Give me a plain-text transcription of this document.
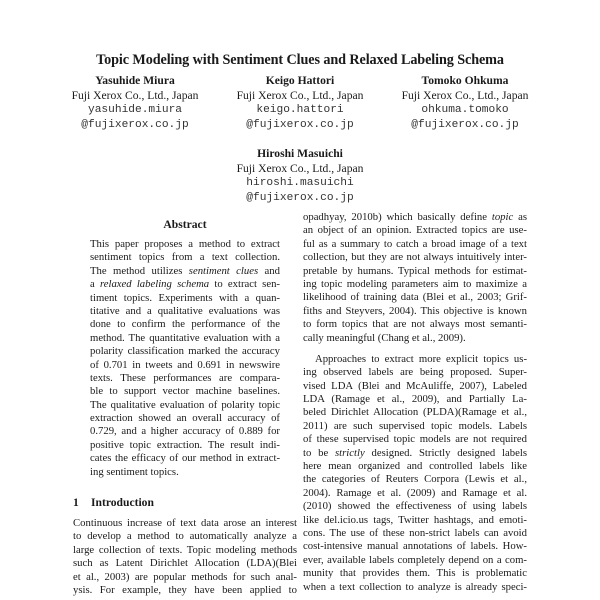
Topic Modeling with Sentiment Clues and Relaxed Labeling Schema
Yasuhide Miura
Fuji Xerox Co., Ltd., Japan
yasuhide.miura
@fujixerox.co.jp
Keigo Hattori
Fuji Xerox Co., Ltd., Japan
keigo.hattori
@fujixerox.co.jp
Tomoko Ohkuma
Fuji Xerox Co., Ltd., Japan
ohkuma.tomoko
@fujixerox.co.jp
Hiroshi Masuichi
Fuji Xerox Co., Ltd., Japan
hiroshi.masuichi
@fujixerox.co.jp
Abstract
This paper proposes a method to extract
sentiment topics from a text collection.
The method utilizes sentiment clues and
a relaxed labeling schema to extract sen-
timent topics. Experiments with a quan-
titative and a qualitative evaluations was
done to confirm the performance of the
method. The quantitative evaluation with a
polarity classification marked the accuracy
of 0.701 in tweets and 0.691 in newswire
texts. These performances are compara-
ble to support vector machine baselines.
The qualitative evaluation of polarity topic
extraction showed an overall accuracy of
0.729, and a higher accuracy of 0.889 for
positive topic extraction. The result indi-
cates the efficacy of our method in extract-
ing sentiment topics.
1 Introduction
Continuous increase of text data arose an interest
to develop a method to automatically analyze a
large collection of texts. Topic modeling methods
such as Latent Dirichlet Allocation (LDA)(Blei
et al., 2003) are popular methods for such anal-
ysis. For example, they have been applied to
opadhyay, 2010b) which basically define topic as
an object of an opinion. Extracted topics are use-
ful as a summary to catch a broad image of a text
collection, but they are not always intuitively inter-
pretable by humans. Typical methods for estimat-
ing topic modeling parameters aim to maximize a
likelihood of training data (Blei et al., 2003; Grif-
fiths and Steyvers, 2004). This objective is known
to form topics that are not always most semanti-
cally meaningful (Chang et al., 2009).
Approaches to extract more explicit topics us-
ing observed labels are being proposed. Super-
vised LDA (Blei and McAuliffe, 2007), Labeled
LDA (Ramage et al., 2009), and Partially La-
beled Dirichlet Allocation (PLDA)(Ramage et al.,
2011) are such supervised topic models. Labels
of these supervised topic models are not required
to be strictly designed. Strictly designed labels
here mean organized and controlled labels like
the categories of Reuters Corpora (Lewis et al.,
2004). Ramage et al. (2009) and Ramage et al.
(2010) showed the effectiveness of using labels
like del.icio.us tags, Twitter hashtags, and emoti-
cons. The use of these non-strict labels can avoid
cost-intensive manual annotations of labels. How-
ever, available labels completely depend on a com-
munity that provides them. This is problematic
when a text collection to analyze is already speci-
